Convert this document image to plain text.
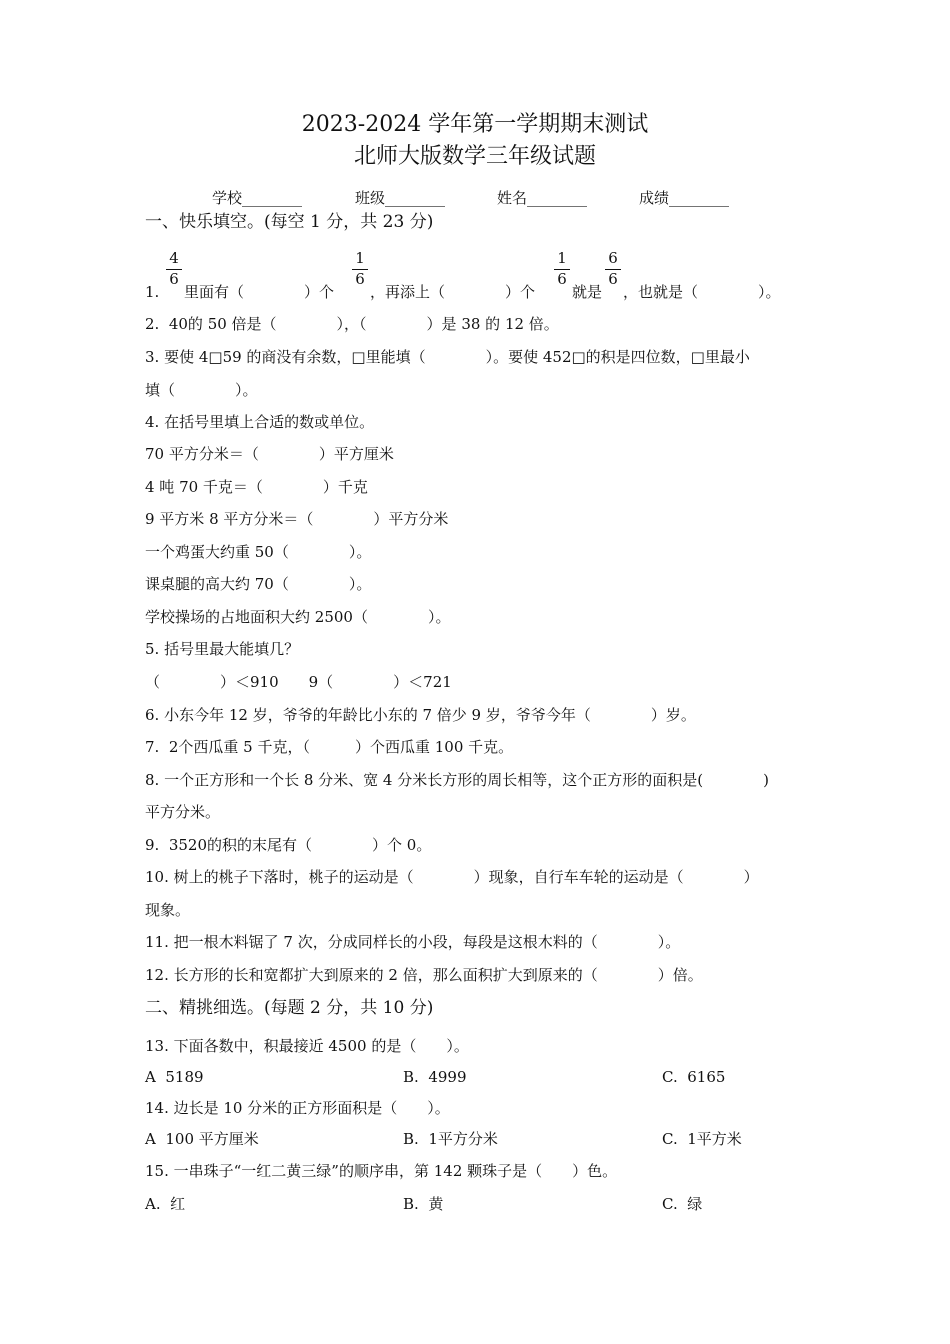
2023-2024 学年第一学期期末测试
北师大版数学三年级试题
学校________	班级________	姓名________	成绩________
一、快乐填空。(每空 1 分，共 23 分)
1.
4
6
里面有（　　　　）个
1
6
，再添上（　　　　）个
1
6
就是
6
6
，也就是（　　　　）。
2.  40的 50 倍是（　　　　），（　　　　）是 38 的 12 倍。
3. 要使 4□59 的商没有余数，□里能填（　　　　）。要使 452□的积是四位数，□里最小
填（　　　　）。
4. 在括号里填上合适的数或单位。
70 平方分米＝（　　　　）平方厘米
4 吨 70 千克＝（　　　　）千克
9 平方米 8 平方分米＝（　　　　）平方分米
一个鸡蛋大约重 50（　　　　）。
课桌腿的高大约 70（　　　　）。
学校操场的占地面积大约 2500（　　　　）。
5. 括号里最大能填几？
（　　　　）＜910　　9（　　　　）＜721
6. 小东今年 12 岁，爷爷的年龄比小东的 7 倍少 9 岁，爷爷今年（　　　　）岁。
7.  2个西瓜重 5 千克，（　　　）个西瓜重 100 千克。
8. 一个正方形和一个长 8 分米、宽 4 分米长方形的周长相等，这个正方形的面积是(　　　　)
平方分米。
9.  3520的积的末尾有（　　　　）个 0。
10. 树上的桃子下落时，桃子的运动是（　　　　）现象，自行车车轮的运动是（　　　　）
现象。
11. 把一根木料锯了 7 次，分成同样长的小段，每段是这根木料的（　　　　）。
12. 长方形的长和宽都扩大到原来的 2 倍，那么面积扩大到原来的（　　　　）倍。
二、精挑细选。(每题 2 分，共 10 分)
13. 下面各数中，积最接近 4500 的是（　　）。
A  5189	B.  4999	C.  6165
14. 边长是 10 分米的正方形面积是（　　）。
A  100 平方厘米	B.  1平方分米	C.  1平方米
15. 一串珠子“一红二黄三绿”的顺序串，第 142 颗珠子是（　　）色。
A.  红	B.  黄	C.  绿
